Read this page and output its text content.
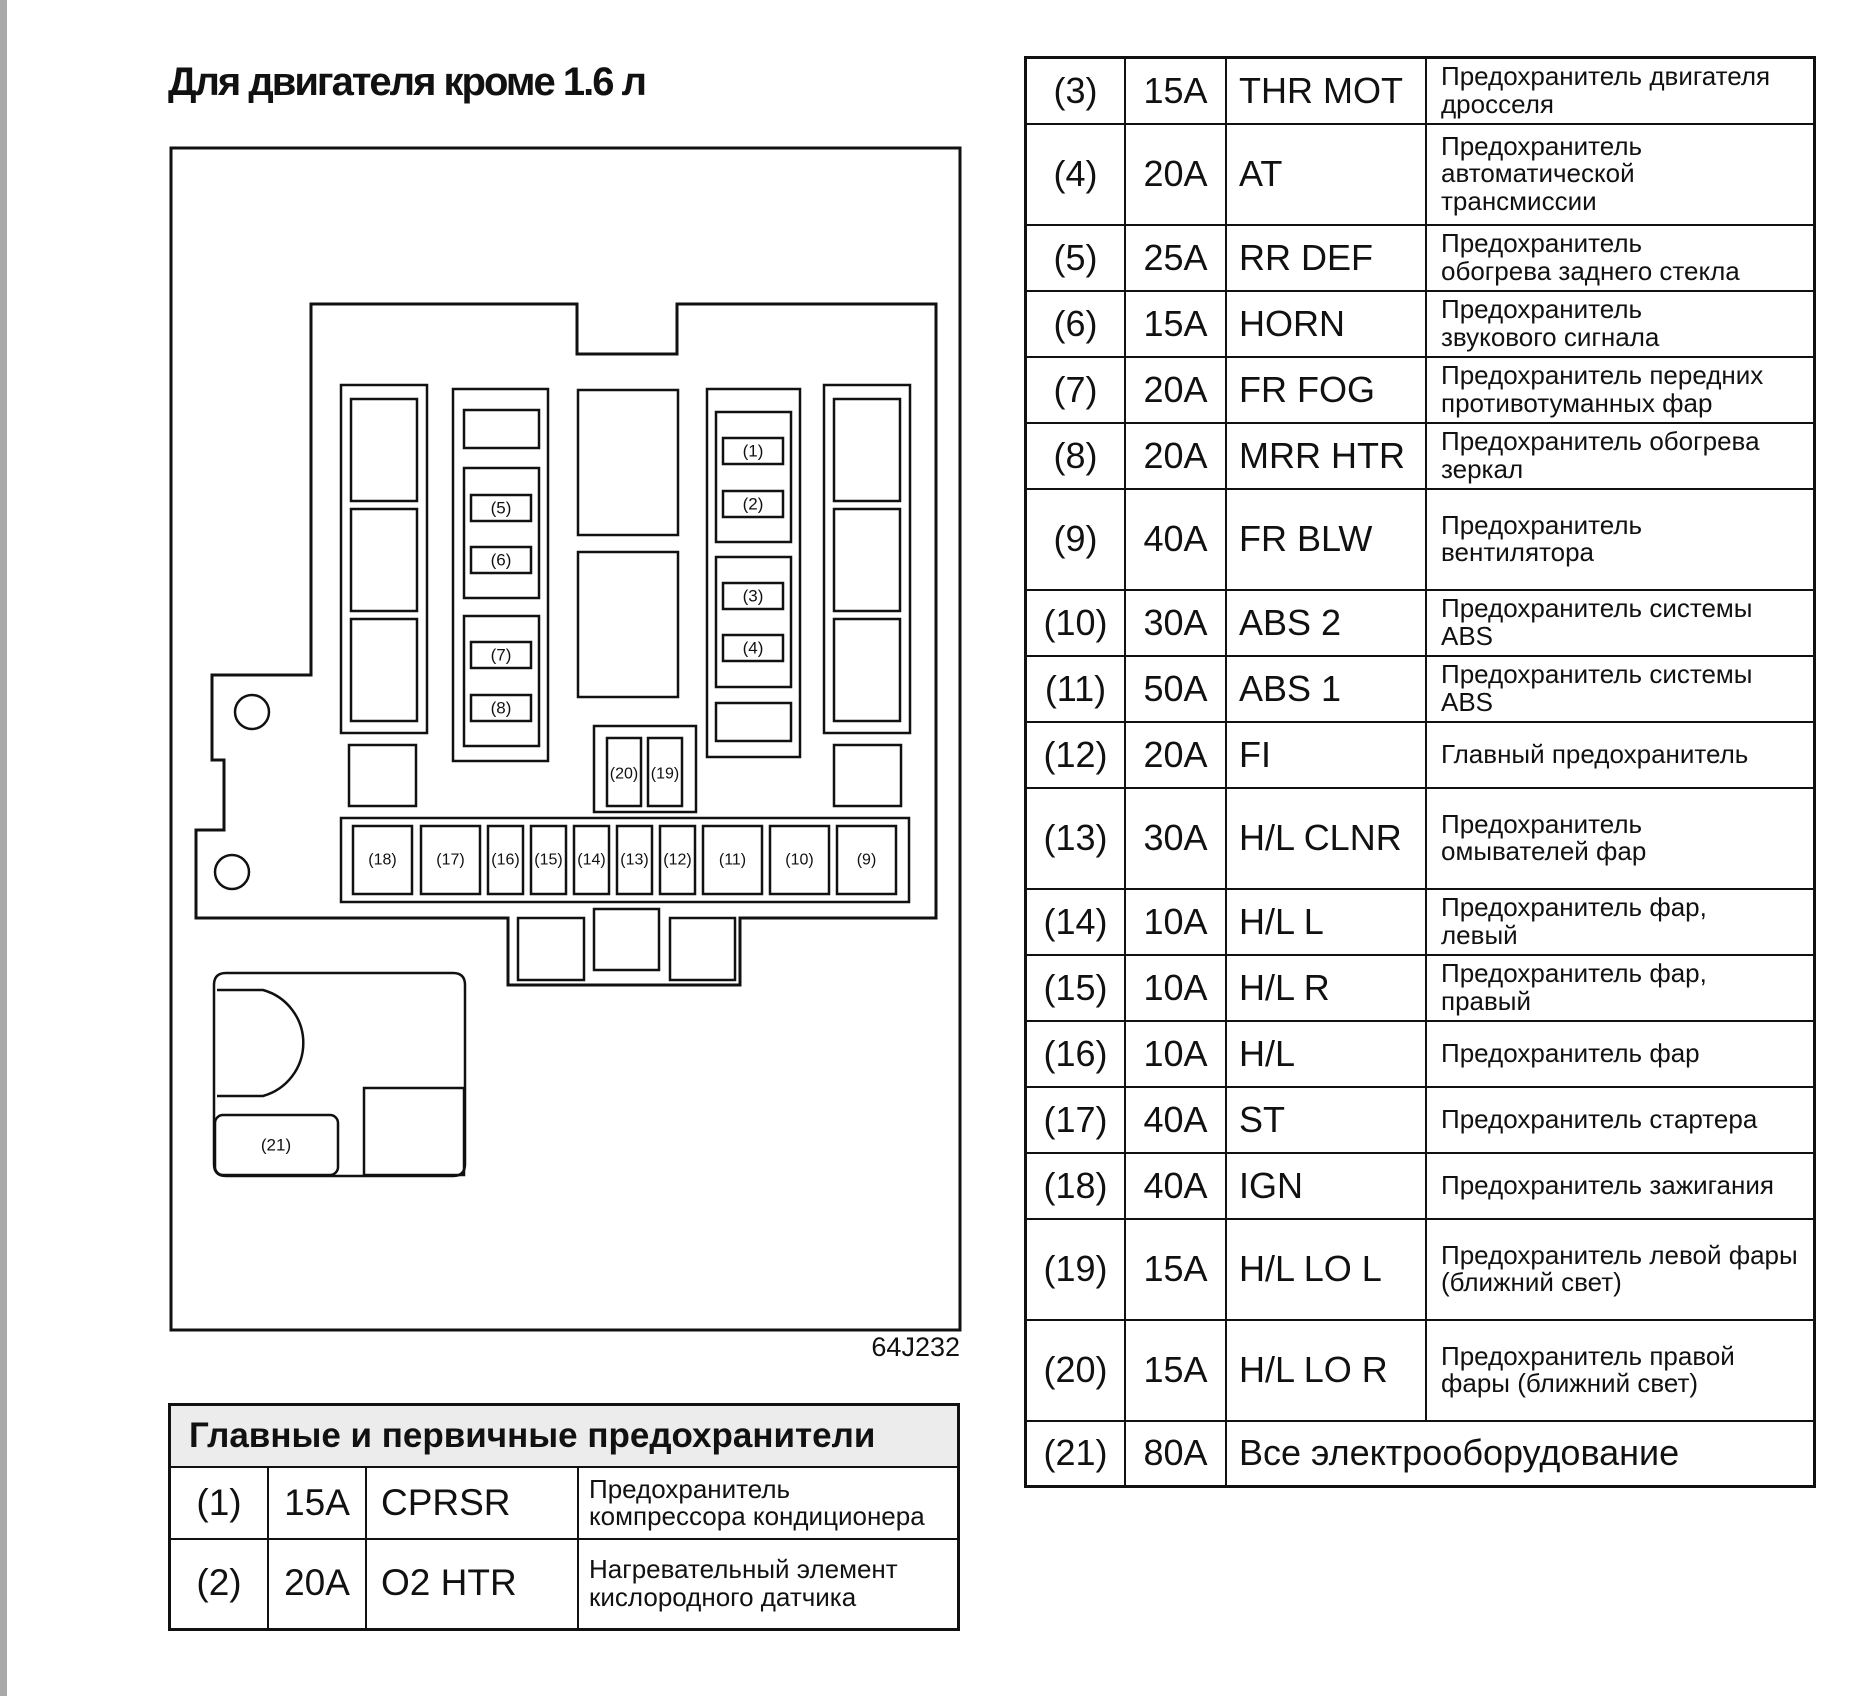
Для двигателя кроме 1.6 л
(5)
(6)
(7)
(8)
(1)
(2)
(3)
(4)
(20) (19)
(18) (17) (16) (15) (14) (13) (12) (11) (10)	(9)
(21)
64J232
Главные и первичные предохранители			
(1)	15A	CPRSR	Предохранитель
компрессора кондиционера

(2)	20A	O2 HTR	Нагревательный элемент
кислородного датчика
(3)	15A	THR MOT	Предохранитель двигателя
дросселя

(4)	20A	AT	Предохранитель
автоматической
трансмиссии

(5)	25A	RR DEF	Предохранитель
обогрева заднего стекла

(6)	15A	HORN	Предохранитель
звукового сигнала

(7)	20A	FR FOG	Предохранитель передних
противотуманных фар

(8)	20A	MRR HTR	Предохранитель обогрева
зеркал

(9)	40A	FR BLW	Предохранитель
вентилятора

(10)	30A	ABS 2	Предохранитель системы
ABS

(11)	50A	ABS 1	Предохранитель системы
ABS

(12)	20A	FI	Главный предохранитель

(13)	30A	H/L CLNR	Предохранитель
омывателей фар

(14)	10A	H/L L	Предохранитель фар,
левый

(15)	10A	H/L R	Предохранитель фар,
правый

(16)	10A	H/L	Предохранитель фар

(17)	40A	ST	Предохранитель стартера

(18)	40A	IGN	Предохранитель зажигания

(19)	15A	H/L LO L	Предохранитель левой фары
(ближний свет)

(20)	15A	H/L LO R	Предохранитель правой
фары (ближний свет)

(21)	80A	Все электрооборудование	
